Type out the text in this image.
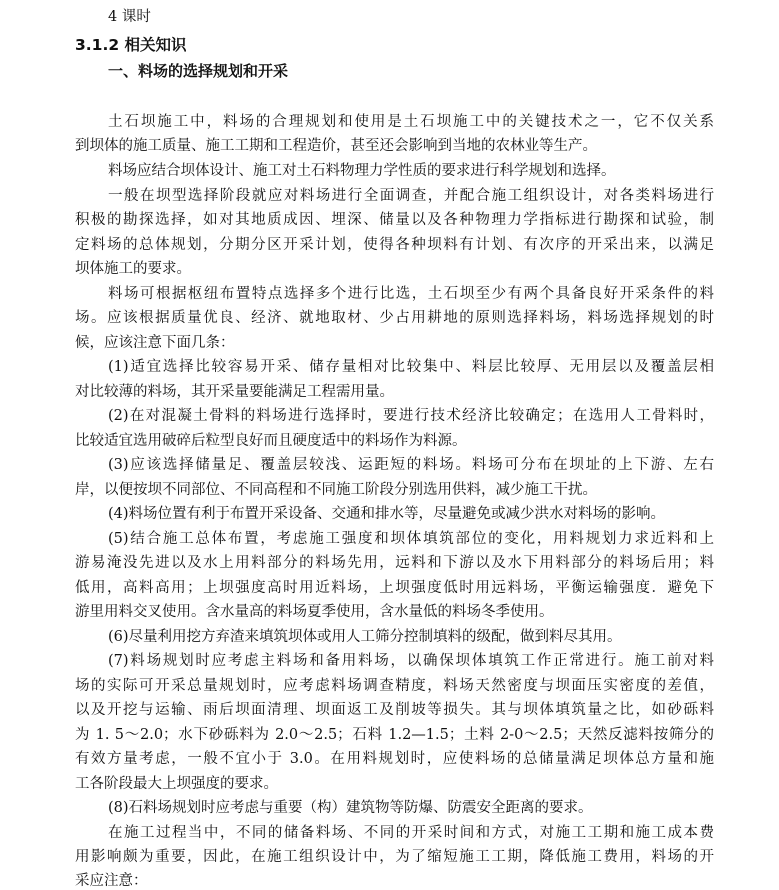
4 课时
3.1.2 相关知识
一、料场的选择规划和开采
土石坝施工中，料场的合理规划和使用是土石坝施工中的关键技术之一，它不仅关系
到坝体的施工质量、施工工期和工程造价，甚至还会影响到当地的农林业等生产。
料场应结合坝体设计、施工对土石料物理力学性质的要求进行科学规划和选择。
一般在坝型选择阶段就应对料场进行全面调查，并配合施工组织设计，对各类料场进行
积极的勘探选择，如对其地质成因、埋深、储量以及各种物理力学指标进行勘探和试验，制
定料场的总体规划，分期分区开采计划，使得各种坝料有计划、有次序的开采出来，以满足
坝体施工的要求。
料场可根据枢纽布置特点选择多个进行比选，土石坝至少有两个具备良好开采条件的料
场。应该根据质量优良、经济、就地取材、少占用耕地的原则选择料场，料场选择规划的时
候，应该注意下面几条：
(1)适宜选择比较容易开采、储存量相对比较集中、料层比较厚、无用层以及覆盖层相
对比较薄的料场，其开采量要能满足工程需用量。
(2)在对混凝土骨料的料场进行选择时，要进行技术经济比较确定；在选用人工骨料时，
比较适宜选用破碎后粒型良好而且硬度适中的料场作为料源。
(3)应该选择储量足、覆盖层较浅、运距短的料场。料场可分布在坝址的上下游、左右
岸，以便按坝不同部位、不同高程和不同施工阶段分别选用供料，减少施工干扰。
(4)料场位置有利于布置开采设备、交通和排水等，尽量避免或减少洪水对料场的影响。
(5)结合施工总体布置，考虑施工强度和坝体填筑部位的变化，用料规划力求近料和上
游易淹没先进以及水上用料部分的料场先用，远料和下游以及水下用料部分的料场后用；料
低用，高料高用；上坝强度高时用近料场，上坝强度低时用远料场，平衡运输强度．避免下
游里用料交叉使用。含水量高的料场夏季使用，含水量低的料场冬季使用。
(6)尽量利用挖方弃渣来填筑坝体或用人工筛分控制填料的级配，做到料尽其用。
(7)料场规划时应考虑主料场和备用料场，以确保坝体填筑工作正常进行。施工前对料
场的实际可开采总量规划时，应考虑料场调查精度，料场天然密度与坝面压实密度的差值，
以及开挖与运输、雨后坝面清理、坝面返工及削坡等损失。其与坝体填筑量之比，如砂砾料
为 1. 5～2.0；水下砂砾料为 2.0～2.5；石料 1.2—1.5；土料 2-0～2.5；天然反滤料按筛分的
有效方量考虑，一般不宜小于 3.0。在用料规划时，应使料场的总储量满足坝体总方量和施
工各阶段最大上坝强度的要求。
(8)石料场规划时应考虑与重要（构）建筑物等防爆、防震安全距离的要求。
在施工过程当中，不同的储备料场、不同的开采时间和方式，对施工工期和施工成本费
用影响颇为重要，因此，在施工组织设计中，为了缩短施工工期，降低施工费用，料场的开
采应注意：
